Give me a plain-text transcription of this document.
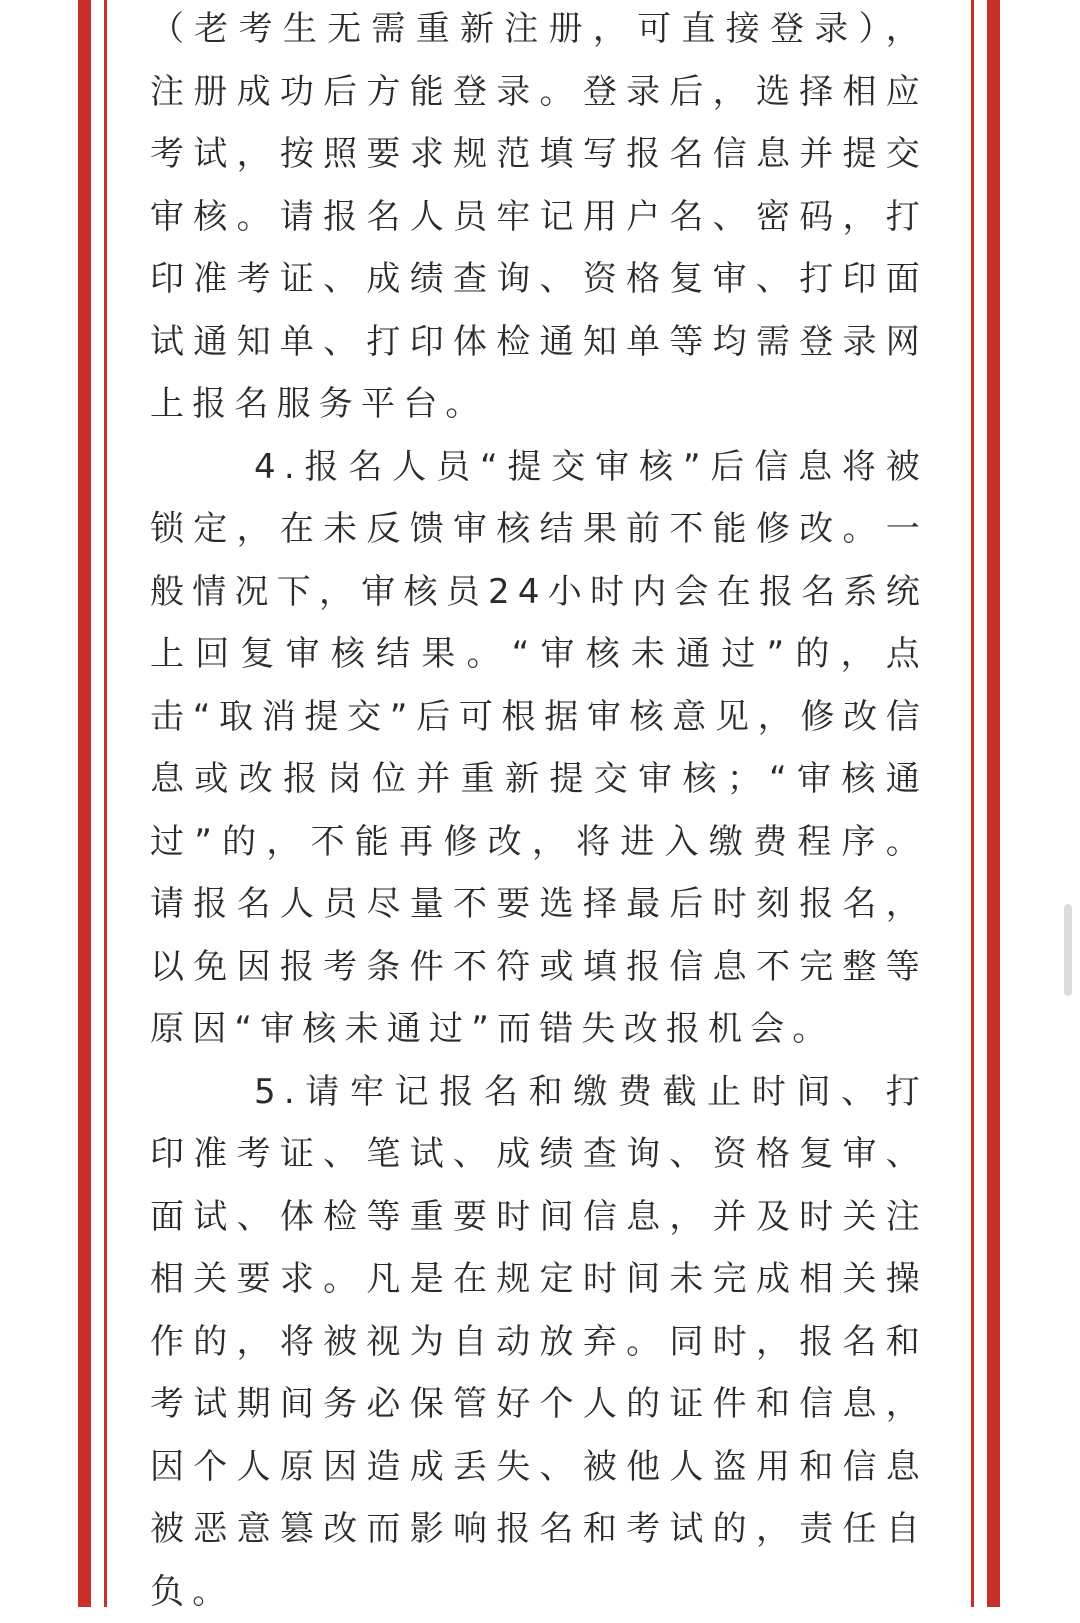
（老考生无需重新注册，可直接登录），注册成功后方能登录。登录后，选择相应考试，按照要求规范填写报名信息并提交审核。请报名人员牢记用户名、密码，打印准考证、成绩查询、资格复审、打印面试通知单、打印体检通知单等均需登录网上报名服务平台。

4.报名人员“提交审核”后信息将被锁定，在未反馈审核结果前不能修改。一般情况下，审核员24小时内会在报名系统上回复审核结果。“审核未通过”的，点击“取消提交”后可根据审核意见，修改信息或改报岗位并重新提交审核；“审核通过”的，不能再修改，将进入缴费程序。请报名人员尽量不要选择最后时刻报名，以免因报考条件不符或填报信息不完整等原因“审核未通过”而错失改报机会。

5.请牢记报名和缴费截止时间、打印准考证、笔试、成绩查询、资格复审、面试、体检等重要时间信息，并及时关注相关要求。凡是在规定时间未完成相关操作的，将被视为自动放弃。同时，报名和考试期间务必保管好个人的证件和信息，因个人原因造成丢失、被他人盗用和信息被恶意篡改而影响报名和考试的，责任自负。
